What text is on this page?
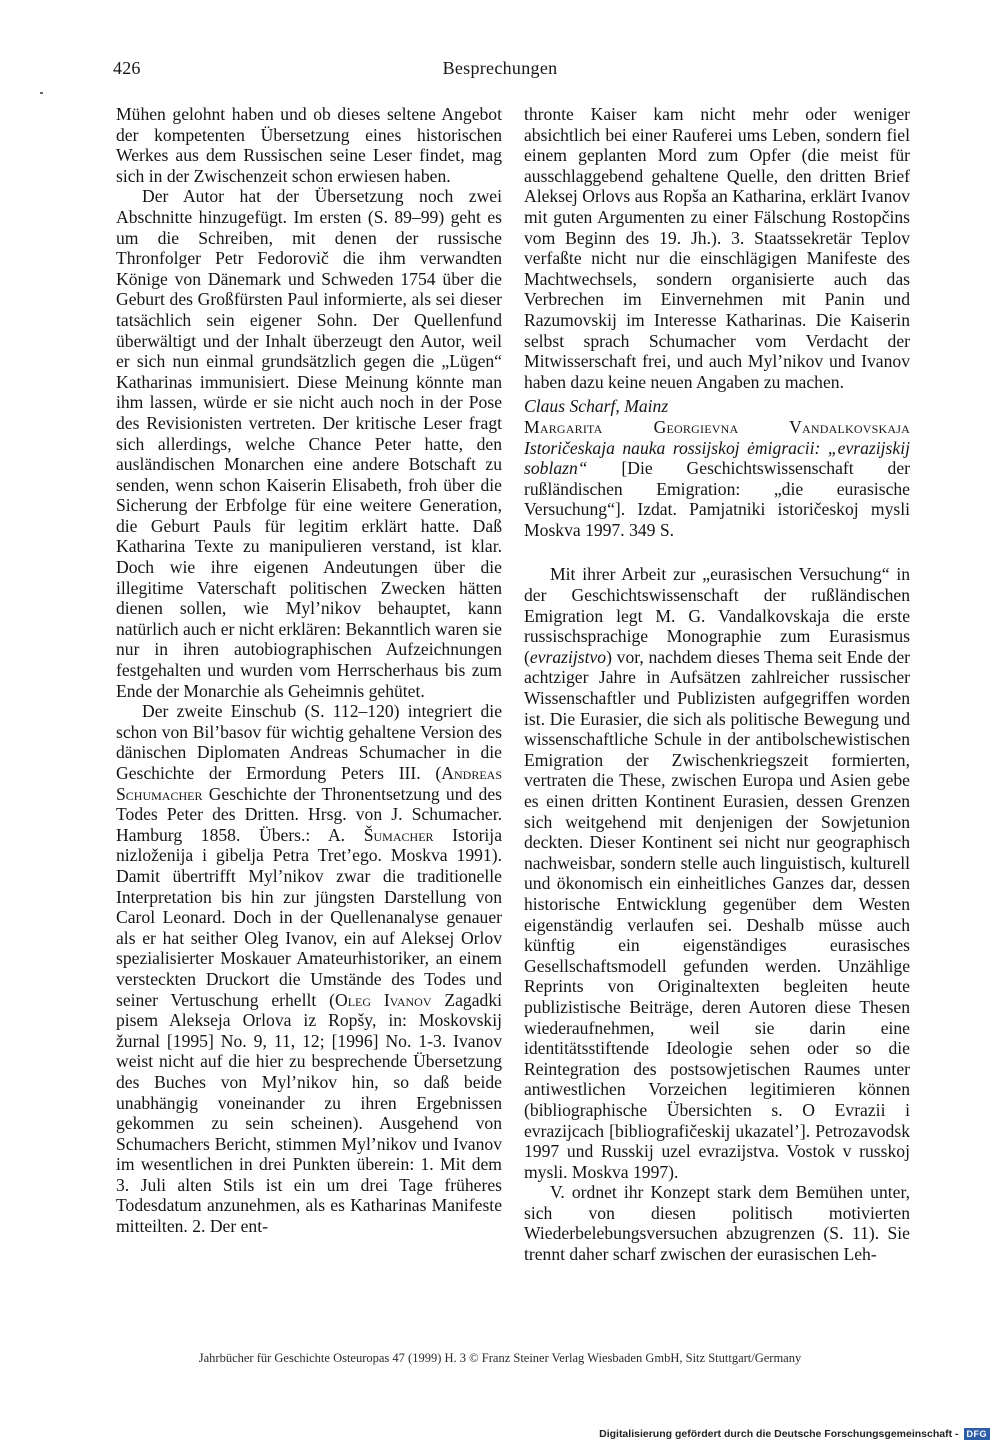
426	Besprechungen

Mühen gelohnt haben und ob dieses seltene Angebot der kompetenten Übersetzung eines historischen Werkes aus dem Russischen seine Leser findet, mag sich in der Zwischenzeit schon erwiesen haben.

Der Autor hat der Übersetzung noch zwei Abschnitte hinzugefügt. Im ersten (S. 89–99) geht es um die Schreiben, mit denen der russische Thronfolger Petr Fedorovič die ihm verwandten Könige von Dänemark und Schweden 1754 über die Geburt des Großfürsten Paul informierte, als sei dieser tatsächlich sein eigener Sohn. Der Quellenfund überwältigt und der Inhalt überzeugt den Autor, weil er sich nun einmal grundsätzlich gegen die „Lügen“ Katharinas immunisiert. Diese Meinung könnte man ihm lassen, würde er sie nicht auch noch in der Pose des Revisionisten vertreten. Der kritische Leser fragt sich allerdings, welche Chance Peter hatte, den ausländischen Monarchen eine andere Botschaft zu senden, wenn schon Kaiserin Elisabeth, froh über die Sicherung der Erbfolge für eine weitere Generation, die Geburt Pauls für legitim erklärt hatte. Daß Katharina Texte zu manipulieren verstand, ist klar. Doch wie ihre eigenen Andeutungen über die illegitime Vaterschaft politischen Zwecken hätten dienen sollen, wie Myl’nikov behauptet, kann natürlich auch er nicht erklären: Bekanntlich waren sie nur in ihren autobiographischen Aufzeichnungen festgehalten und wurden vom Herrscherhaus bis zum Ende der Monarchie als Geheimnis gehütet.

Der zweite Einschub (S. 112–120) integriert die schon von Bil’basov für wichtig gehaltene Version des dänischen Diplomaten Andreas Schumacher in die Geschichte der Ermordung Peters III. (Andreas Schumacher Geschichte der Thronentsetzung und des Todes Peter des Dritten. Hrsg. von J. Schumacher. Hamburg 1858. Übers.: A. Šumacher Istorija nizloženija i gibelja Petra Tret’ego. Moskva 1991). Damit übertrifft Myl’nikov zwar die traditionelle Interpretation bis hin zur jüngsten Darstellung von Carol Leonard. Doch in der Quellenanalyse genauer als er hat seither Oleg Ivanov, ein auf Aleksej Orlov spezialisierter Moskauer Amateurhistoriker, an einem versteckten Druckort die Umstände des Todes und seiner Vertuschung erhellt (Oleg Ivanov Zagadki pisem Alekseja Orlova iz Ropšy, in: Moskovskij žurnal [1995] No. 9, 11, 12; [1996] No. 1-3. Ivanov weist nicht auf die hier zu besprechende Übersetzung des Buches von Myl’nikov hin, so daß beide unabhängig voneinander zu ihren Ergebnissen gekommen zu sein scheinen). Ausgehend von Schumachers Bericht, stimmen Myl’nikov und Ivanov im wesentlichen in drei Punkten überein: 1. Mit dem 3. Juli alten Stils ist ein um drei Tage früheres Todesdatum anzunehmen, als es Katharinas Manifeste mitteilten. 2. Der ent-

thronte Kaiser kam nicht mehr oder weniger absichtlich bei einer Rauferei ums Leben, sondern fiel einem geplanten Mord zum Opfer (die meist für ausschlaggebend gehaltene Quelle, den dritten Brief Aleksej Orlovs aus Ropša an Katharina, erklärt Ivanov mit guten Argumenten zu einer Fälschung Rostopčins vom Beginn des 19. Jh.). 3. Staatssekretär Teplov verfaßte nicht nur die einschlägigen Manifeste des Machtwechsels, sondern organisierte auch das Verbrechen im Einvernehmen mit Panin und Razumovskij im Interesse Katharinas. Die Kaiserin selbst sprach Schumacher vom Verdacht der Mitwisserschaft frei, und auch Myl’nikov und Ivanov haben dazu keine neuen Angaben zu machen.

Claus Scharf, Mainz

Margarita Georgievna Vandalkovskaja Istoričeskaja nauka rossijskoj ėmigracii: „evrazijskij soblazn“ [Die Geschichtswissenschaft der rußländischen Emigration: „die eurasische Versuchung“]. Izdat. Pamjatniki istoričeskoj mysli Moskva 1997. 349 S.

Mit ihrer Arbeit zur „eurasischen Versuchung“ in der Geschichtswissenschaft der rußländischen Emigration legt M. G. Vandalkovskaja die erste russischsprachige Monographie zum Eurasismus (evrazijstvo) vor, nachdem dieses Thema seit Ende der achtziger Jahre in Aufsätzen zahlreicher russischer Wissenschaftler und Publizisten aufgegriffen worden ist. Die Eurasier, die sich als politische Bewegung und wissenschaftliche Schule in der antibolschewistischen Emigration der Zwischenkriegszeit formierten, vertraten die These, zwischen Europa und Asien gebe es einen dritten Kontinent Eurasien, dessen Grenzen sich weitgehend mit denjenigen der Sowjetunion deckten. Dieser Kontinent sei nicht nur geographisch nachweisbar, sondern stelle auch linguistisch, kulturell und ökonomisch ein einheitliches Ganzes dar, dessen historische Entwicklung gegenüber dem Westen eigenständig verlaufen sei. Deshalb müsse auch künftig ein eigenständiges eurasisches Gesellschaftsmodell gefunden werden. Unzählige Reprints von Originaltexten begleiten heute publizistische Beiträge, deren Autoren diese Thesen wiederaufnehmen, weil sie darin eine identitätsstiftende Ideologie sehen oder so die Reintegration des postsowjetischen Raumes unter antiwestlichen Vorzeichen legitimieren können (bibliographische Übersichten s. O Evrazii i evrazijcach [bibliografičeskij ukazatel’]. Petrozavodsk 1997 und Russkij uzel evrazijstva. Vostok v russkoj mysli. Moskva 1997).

V. ordnet ihr Konzept stark dem Bemühen unter, sich von diesen politisch motivierten Wiederbelebungsversuchen abzugrenzen (S. 11). Sie trennt daher scharf zwischen der eurasischen Leh-

Jahrbücher für Geschichte Osteuropas 47 (1999) H. 3 © Franz Steiner Verlag Wiesbaden GmbH, Sitz Stuttgart/Germany
Digitalisierung gefördert durch die Deutsche Forschungsgemeinschaft - DFG
